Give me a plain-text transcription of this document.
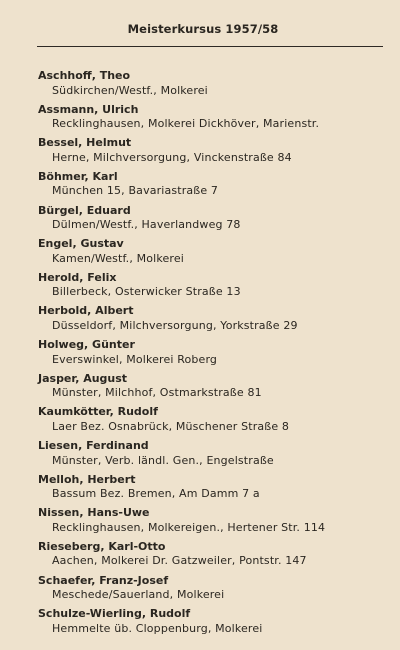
Meisterkursus 1957/58
Aschhoff, Theo
Südkirchen/Westf., Molkerei
Assmann, Ulrich
Recklinghausen, Molkerei Dickhöver, Marienstr.
Bessel, Helmut
Herne, Milchversorgung, Vinckenstraße 84
Böhmer, Karl
München 15, Bavariastraße 7
Bürgel, Eduard
Dülmen/Westf., Haverlandweg 78
Engel, Gustav
Kamen/Westf., Molkerei
Herold, Felix
Billerbeck, Osterwicker Straße 13
Herbold, Albert
Düsseldorf, Milchversorgung, Yorkstraße 29
Holweg, Günter
Everswinkel, Molkerei Roberg
Jasper, August
Münster, Milchhof, Ostmarkstraße 81
Kaumkötter, Rudolf
Laer Bez. Osnabrück, Müschener Straße 8
Liesen, Ferdinand
Münster, Verb. ländl. Gen., Engelstraße
Melloh, Herbert
Bassum Bez. Bremen, Am Damm 7 a
Nissen, Hans-Uwe
Recklinghausen, Molkereigen., Hertener Str. 114
Rieseberg, Karl-Otto
Aachen, Molkerei Dr. Gatzweiler, Pontstr. 147
Schaefer, Franz-Josef
Meschede/Sauerland, Molkerei
Schulze-Wierling, Rudolf
Hemmelte üb. Cloppenburg, Molkerei
